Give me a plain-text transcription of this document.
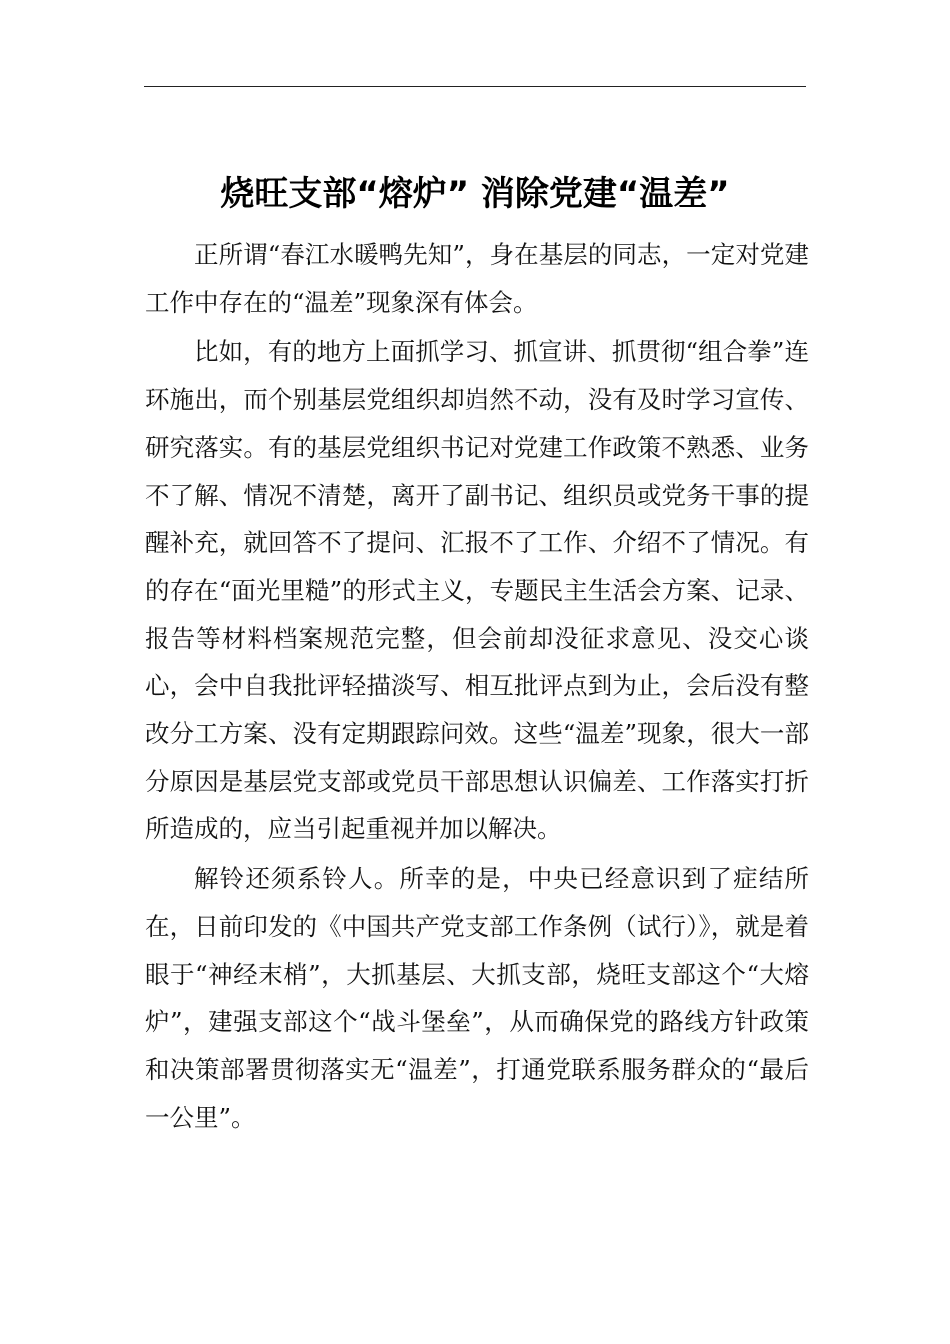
烧旺支部“熔炉” 消除党建“温差”

正所谓“春江水暖鸭先知”，身在基层的同志，一定对党建工作中存在的“温差”现象深有体会。

比如，有的地方上面抓学习、抓宣讲、抓贯彻“组合拳”连环施出，而个别基层党组织却岿然不动，没有及时学习宣传、研究落实。有的基层党组织书记对党建工作政策不熟悉、业务不了解、情况不清楚，离开了副书记、组织员或党务干事的提醒补充，就回答不了提问、汇报不了工作、介绍不了情况。有的存在“面光里糙”的形式主义，专题民主生活会方案、记录、报告等材料档案规范完整，但会前却没征求意见、没交心谈心，会中自我批评轻描淡写、相互批评点到为止，会后没有整改分工方案、没有定期跟踪问效。这些“温差”现象，很大一部分原因是基层党支部或党员干部思想认识偏差、工作落实打折所造成的，应当引起重视并加以解决。

解铃还须系铃人。所幸的是，中央已经意识到了症结所在，日前印发的《中国共产党支部工作条例（试行）》，就是着眼于“神经末梢”，大抓基层、大抓支部，烧旺支部这个“大熔炉”，建强支部这个“战斗堡垒”，从而确保党的路线方针政策和决策部署贯彻落实无“温差”，打通党联系服务群众的“最后一公里”。
